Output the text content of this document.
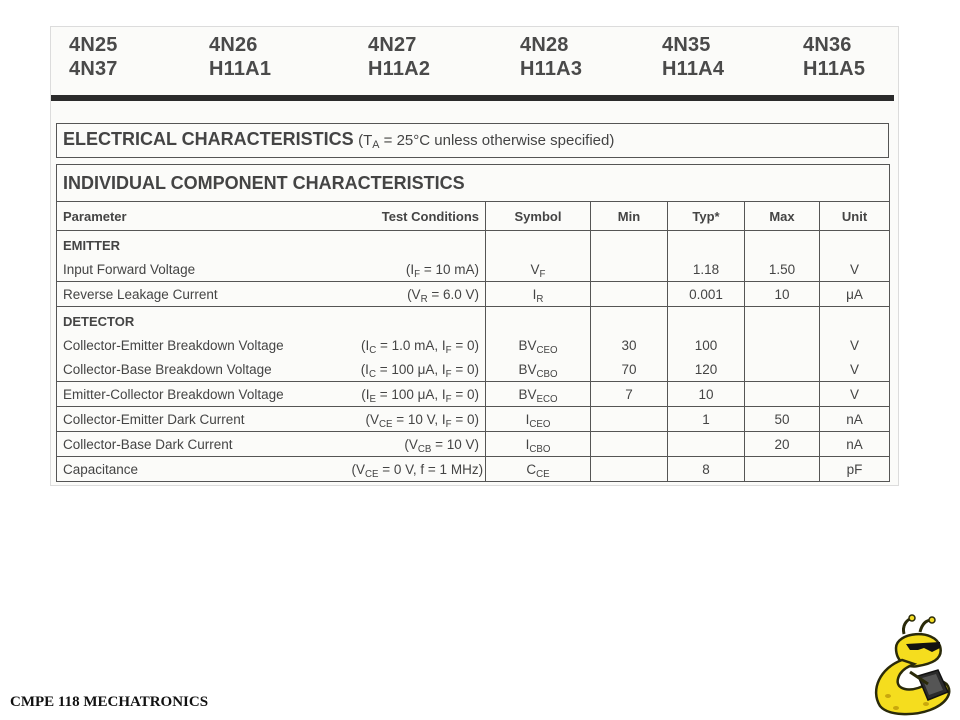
4N25
4N37
4N26
H11A1
4N27
H11A2
4N28
H11A3
4N35
H11A4
4N36
H11A5
ELECTRICAL CHARACTERISTICS ($T_A = 25^\circ C$ unless otherwise specified)
INDIVIDUAL COMPONENT CHARACTERISTICS						
Parameter	Test Conditions	Symbol	Min	Typ*	Max	Unit
EMITTER						
Input Forward Voltage	($I_F = 10$ mA)	$V_F$		1.18	1.50	V
Reverse Leakage Current	($V_R = 6.0$ V)	$I_R$		0.001	10	μA
DETECTOR						
Collector-Emitter Breakdown Voltage	($I_C = 1.0$ mA, $I_F = 0$)	$BV_{CEO}$	30	100		V
Collector-Base Breakdown Voltage	($I_C = 100$ μA, $I_F = 0$)	$BV_{CBO}$	70	120		V
Emitter-Collector Breakdown Voltage	($I_E = 100$ μA, $I_F = 0$)	$BV_{ECO}$	7	10		V
Collector-Emitter Dark Current	($V_{CE} = 10$ V, $I_F = 0$)	$I_{CEO}$		1	50	nA
Collector-Base Dark Current	($V_{CB} = 10$ V)	$I_{CBO}$			20	nA
Capacitance	($V_{CE} = 0$ V, f = 1 MHz)	$C_{CE}$		8		pF
CMPE 118 MECHATRONICS
